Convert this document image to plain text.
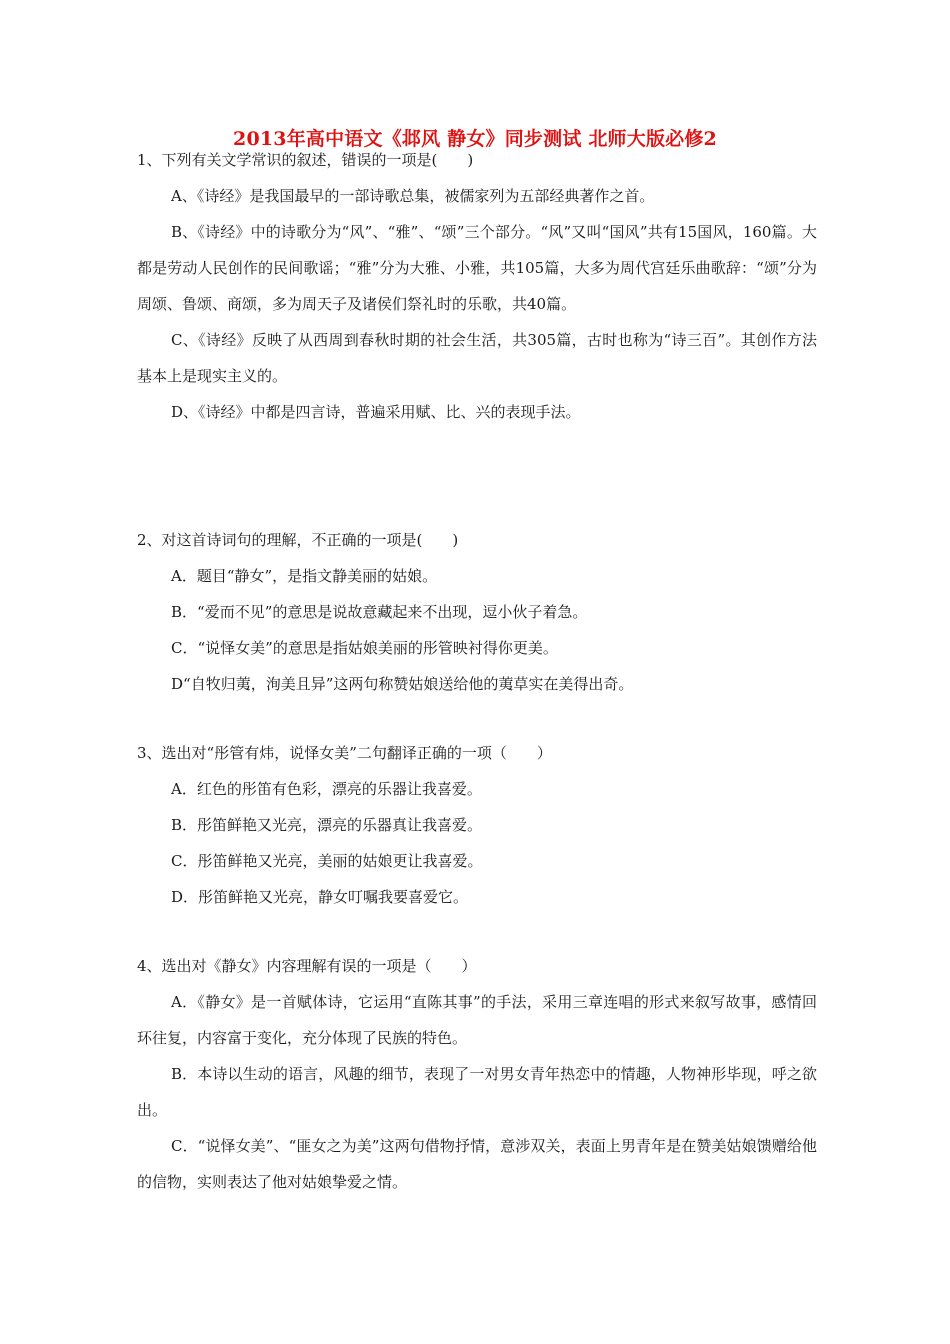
2013年高中语文《邶风 静女》同步测试 北师大版必修2
1、下列有关文学常识的叙述，错误的一项是(　　)
A、《诗经》是我国最早的一部诗歌总集，被儒家列为五部经典著作之首。
B、《诗经》中的诗歌分为“风”、“雅”、“颂”三个部分。“风”又叫“国风”共有15国风，160篇。大都是劳动人民创作的民间歌谣；“雅”分为大雅、小雅，共105篇，大多为周代宫廷乐曲歌辞：“颂”分为周颂、鲁颂、商颂，多为周天子及诸侯们祭礼时的乐歌，共40篇。
C、《诗经》反映了从西周到春秋时期的社会生活，共305篇，古时也称为“诗三百”。其创作方法基本上是现实主义的。
D、《诗经》中都是四言诗，普遍采用赋、比、兴的表现手法。
2、对这首诗词句的理解，不正确的一项是(　　)
A．题目“静女”，是指文静美丽的姑娘。
B．“爱而不见”的意思是说故意藏起来不出现，逗小伙子着急。
C．“说怿女美”的意思是指姑娘美丽的彤管映衬得你更美。
D“自牧归荑，洵美且异”这两句称赞姑娘送给他的荑草实在美得出奇。
3、选出对“彤管有炜，说怿女美”二句翻译正确的一项（　　）
A．红色的彤笛有色彩，漂亮的乐器让我喜爱。
B．彤笛鲜艳又光亮，漂亮的乐器真让我喜爱。
C．彤笛鲜艳又光亮，美丽的姑娘更让我喜爱。
D．彤笛鲜艳又光亮，静女叮嘱我要喜爱它。
4、选出对《静女》内容理解有误的一项是（　　）
A．《静女》是一首赋体诗，它运用“直陈其事”的手法，采用三章连唱的形式来叙写故事，感情回环往复，内容富于变化，充分体现了民族的特色。
B．本诗以生动的语言，风趣的细节，表现了一对男女青年热恋中的情趣，人物神形毕现，呼之欲出。
C．“说怿女美”、“匪女之为美”这两句借物抒情，意涉双关，表面上男青年是在赞美姑娘馈赠给他的信物，实则表达了他对姑娘挚爱之情。
